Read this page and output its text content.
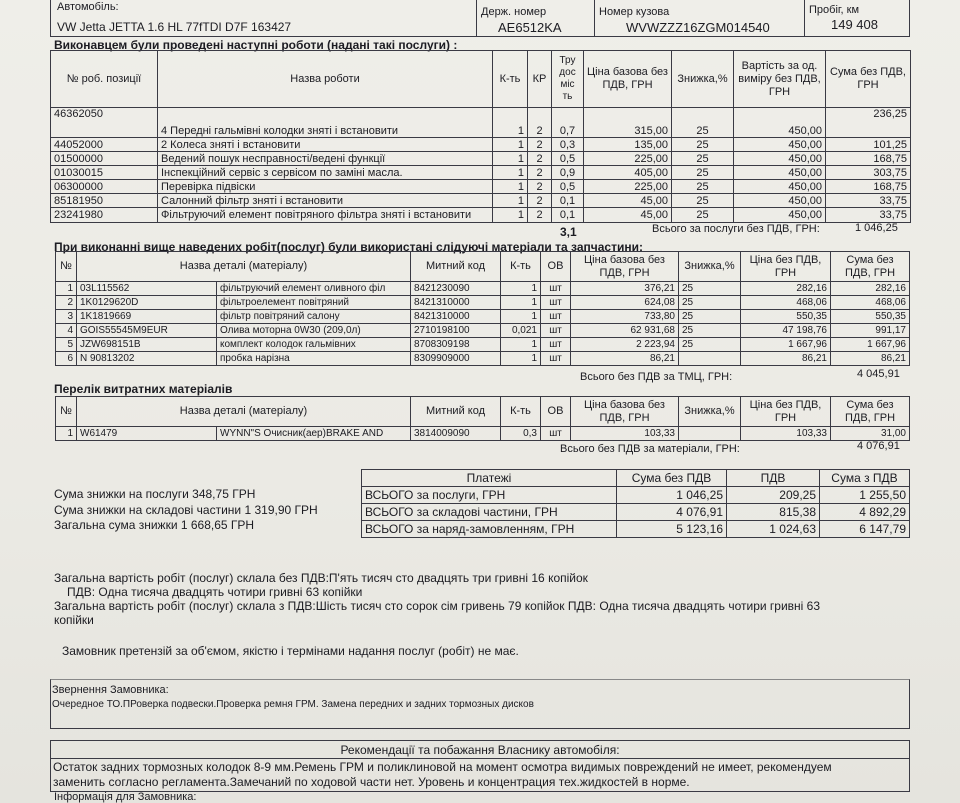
Автомобіль:
VW Jetta JETTA 1.6 HL 77fTDI D7F 163427
Держ. номер
AE6512KA
Номер кузова
WVWZZZ16ZGM014540
Пробіг, км
149 408
Виконавцем були проведені наступні роботи (надані такі послуги) :
№ роб. позиції	Назва роботи	К-ть	КР	Тру
дос
міс
ть	Ціна базова без ПДВ, ГРН	Знижка,%	Вартість за од. виміру без ПДВ, ГРН	Сума без ПДВ, ГРН
46362050	4 Передні гальмівні колодки зняті і встановити	1	2	0,7	315,00	25	450,00	236,25
44052000	2 Колеса зняті і встановити	1	2	0,3	135,00	25	450,00	101,25
01500000	Ведений пошук несправності/ведені функції	1	2	0,5	225,00	25	450,00	168,75
01030015	Інспекційний сервіс з сервісом по заміні масла.	1	2	0,9	405,00	25	450,00	303,75
06300000	Перевірка підвіски	1	2	0,5	225,00	25	450,00	168,75
85181950	Салонний фільтр зняті і встановити	1	2	0,1	45,00	25	450,00	33,75
23241980	Фільтруючий елемент повітряного фільтра зняті і встановити	1	2	0,1	45,00	25	450,00	33,75
3,1	Всього за послуги без ПДВ, ГРН:	1 046,25
При виконанні вище наведених робіт(послуг) були використані слідуючі матеріали та запчастини:
№	Назва деталі (матеріалу)		Митний код	К-ть	ОВ	Ціна базова без ПДВ, ГРН	Знижка,%	Ціна без ПДВ, ГРН	Сума без ПДВ, ГРН
1	03L115562	фільтруючий елемент оливного філ	8421230090	1	шт	376,21	25	282,16	282,16
2	1K0129620D	фільтроелемент повітряний	8421310000	1	шт	624,08	25	468,06	468,06
3	1K1819669	фільтр повітряний салону	8421310000	1	шт	733,80	25	550,35	550,35
4	GOIS55545M9EUR	Олива моторна 0W30 (209,0л)	2710198100	0,021	шт	62 931,68	25	47 198,76	991,17
5	JZW698151B	комплект колодок гальмівних	8708309198	1	шт	2 223,94	25	1 667,96	1 667,96
6	N 90813202	пробка нарізна	8309909000	1	шт	86,21		86,21	86,21
Всього без ПДВ за ТМЦ, ГРН:	4 045,91
Перелік витратних матеріалів
№	Назва деталі (матеріалу)		Митний код	К-ть	ОВ	Ціна базова без ПДВ, ГРН	Знижка,%	Ціна без ПДВ, ГРН	Сума без ПДВ, ГРН
1	W61479	WYNN"S Очисник(аер)BRAKE AND	3814009090	0,3	шт	103,33		103,33	31,00
Всього без ПДВ за матеріали, ГРН:	4 076,91
Сума знижки на послуги 348,75 ГРН
Сума знижки на складові частини 1 319,90 ГРН
Загальна сума знижки 1 668,65 ГРН
Платежі	Сума без ПДВ	ПДВ	Сума з ПДВ
ВСЬОГО за послуги, ГРН	1 046,25	209,25	1 255,50
ВСЬОГО за складові частини, ГРН	4 076,91	815,38	4 892,29
ВСЬОГО за наряд-замовленням, ГРН	5 123,16	1 024,63	6 147,79
Загальна вартість робіт (послуг) склала без ПДВ:П'ять тисяч сто двадцять три гривні 16 копійок
ПДВ: Одна тисяча двадцять чотири гривні 63 копійки
Загальна вартість робіт (послуг) склала з ПДВ:Шість тисяч сто сорок сім гривень 79 копійок ПДВ: Одна тисяча двадцять чотири гривні 63
копійки
Замовник претензій за об'ємом, якістю і термінами надання послуг (робіт) не має.
Звернення Замовника:
Очередное ТО.ПРоверка подвески.Проверка ремня ГРМ. Замена передних и задних тормозных дисков
Рекомендації та побажання Власнику автомобіля:
Остаток задних тормозных колодок 8-9 мм.Ремень ГРМ и поликлиновой на момент осмотра видимых повреждений не имеет, рекомендуем
заменить согласно регламента.Замечаний по ходовой части нет. Уровень и концентрация тех.жидкостей в норме.
Інформація для Замовника:
